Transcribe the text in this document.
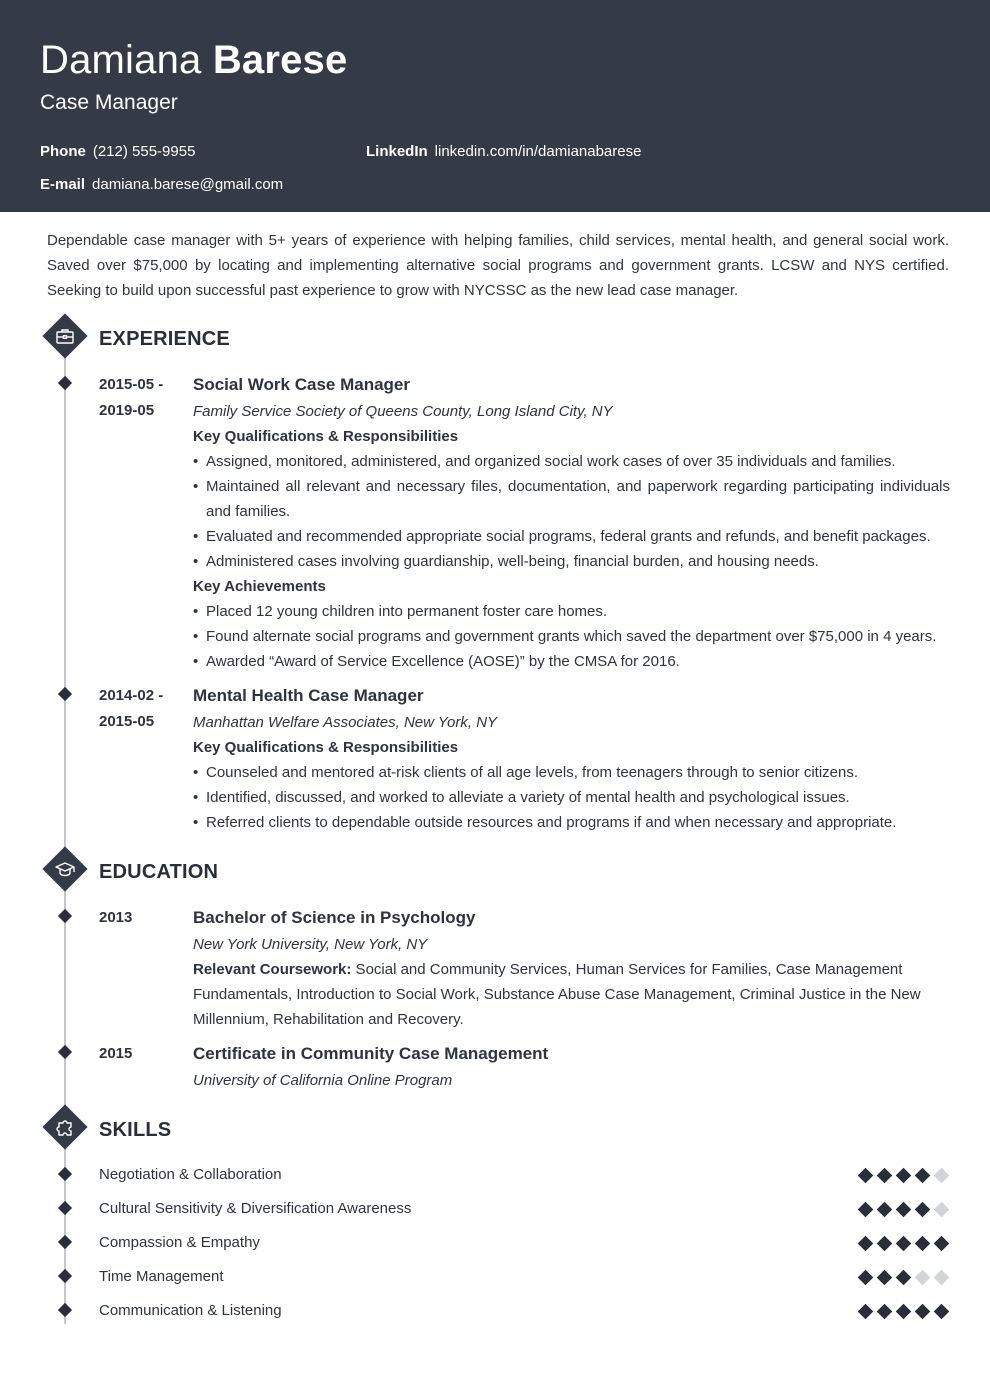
Damiana Barese
Case Manager
Phone (212) 555-9955	LinkedIn linkedin.com/in/damianabarese
E-mail damiana.barese@gmail.com
Dependable case manager with 5+ years of experience with helping families, child services, mental health, and general social work. Saved over $75,000 by locating and implementing alternative social programs and government grants. LCSW and NYS certified. Seeking to build upon successful past experience to grow with NYCSSC as the new lead case manager.
EXPERIENCE
2015-05 -
2019-05
Social Work Case Manager
Family Service Society of Queens County, Long Island City, NY
Key Qualifications & Responsibilities
• Assigned, monitored, administered, and organized social work cases of over 35 individuals and families.
• Maintained all relevant and necessary files, documentation, and paperwork regarding participating individuals and families.
• Evaluated and recommended appropriate social programs, federal grants and refunds, and benefit packages.
• Administered cases involving guardianship, well-being, financial burden, and housing needs.
Key Achievements
• Placed 12 young children into permanent foster care homes.
• Found alternate social programs and government grants which saved the department over $75,000 in 4 years.
• Awarded “Award of Service Excellence (AOSE)” by the CMSA for 2016.
2014-02 -
2015-05
Mental Health Case Manager
Manhattan Welfare Associates, New York, NY
Key Qualifications & Responsibilities
• Counseled and mentored at-risk clients of all age levels, from teenagers through to senior citizens.
• Identified, discussed, and worked to alleviate a variety of mental health and psychological issues.
• Referred clients to dependable outside resources and programs if and when necessary and appropriate.
EDUCATION
2013	Bachelor of Science in Psychology
New York University, New York, NY
Relevant Coursework: Social and Community Services, Human Services for Families, Case Management Fundamentals, Introduction to Social Work, Substance Abuse Case Management, Criminal Justice in the New Millennium, Rehabilitation and Recovery.
2015	Certificate in Community Case Management
University of California Online Program
SKILLS
Negotiation & Collaboration
Cultural Sensitivity & Diversification Awareness
Compassion & Empathy
Time Management
Communication & Listening
